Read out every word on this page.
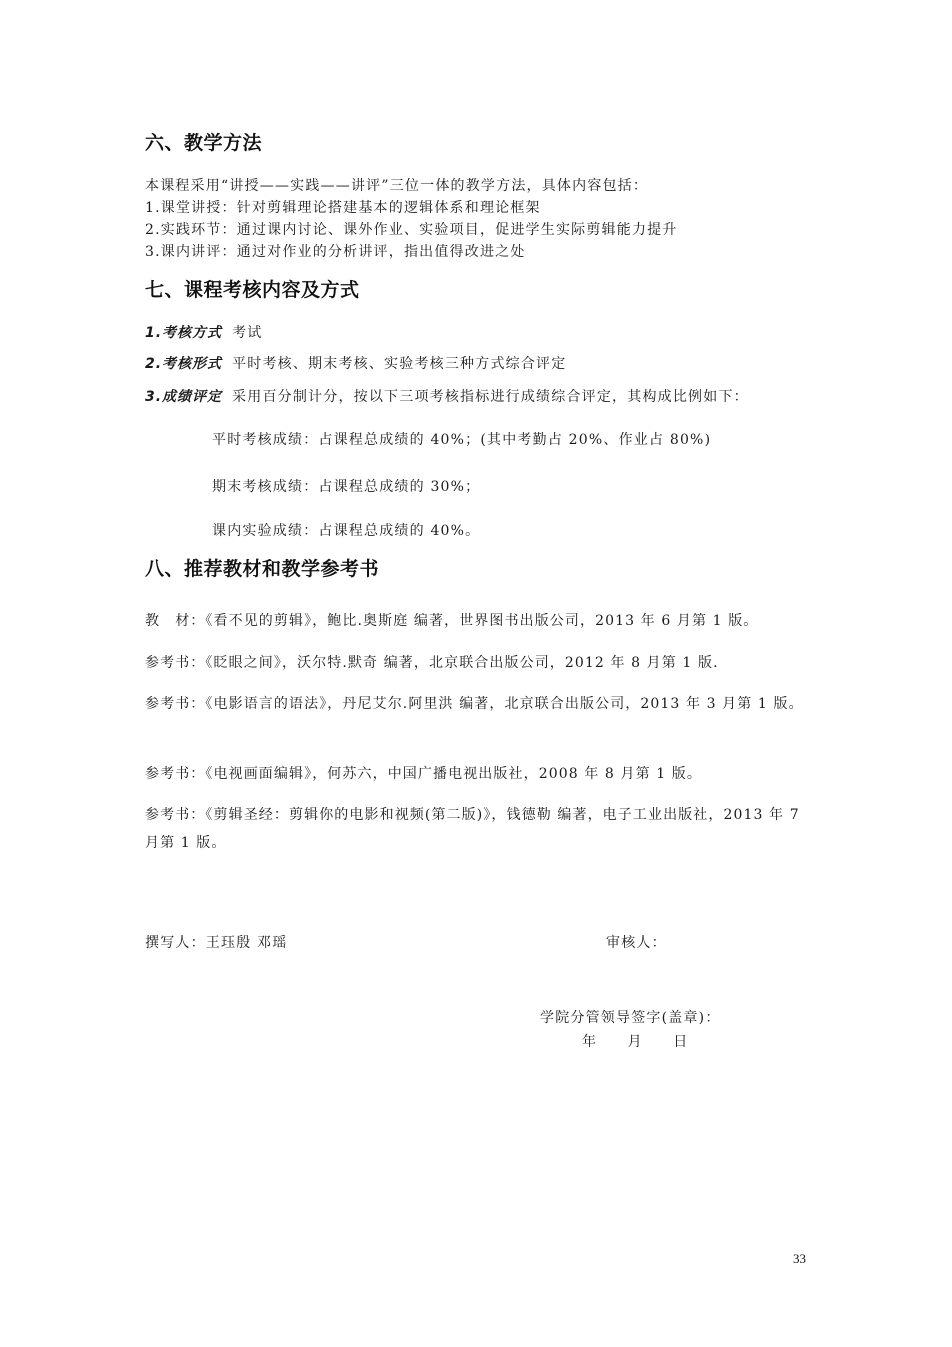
六、教学方法
本课程采用“讲授——实践——讲评”三位一体的教学方法，具体内容包括：
1.课堂讲授：针对剪辑理论搭建基本的逻辑体系和理论框架
2.实践环节：通过课内讨论、课外作业、实验项目，促进学生实际剪辑能力提升
3.课内讲评：通过对作业的分析讲评，指出值得改进之处
七、课程考核内容及方式
1.考核方式 考试
2.考核形式 平时考核、期末考核、实验考核三种方式综合评定
3.成绩评定 采用百分制计分，按以下三项考核指标进行成绩综合评定，其构成比例如下：
平时考核成绩：占课程总成绩的 40%；(其中考勤占 20%、作业占 80%)
期末考核成绩：占课程总成绩的 30%；
课内实验成绩：占课程总成绩的 40%。
八、推荐教材和教学参考书
教　材：《看不见的剪辑》，鲍比.奥斯庭 编著，世界图书出版公司，2013 年 6 月第 1 版。
参考书：《眨眼之间》，沃尔特.默奇 编著，北京联合出版公司，2012 年 8 月第 1 版.
参考书：《电影语言的语法》，丹尼艾尔.阿里洪 编著，北京联合出版公司，2013 年 3 月第 1 版。
参考书：《电视画面编辑》，何苏六，中国广播电视出版社，2008 年 8 月第 1 版。
参考书：《剪辑圣经：剪辑你的电影和视频(第二版)》，钱德勒 编著，电子工业出版社，2013 年 7 月第 1 版。
撰写人：王珏殷 邓瑶	审核人：
学院分管领导签字(盖章)：
年　　月　　日
33
